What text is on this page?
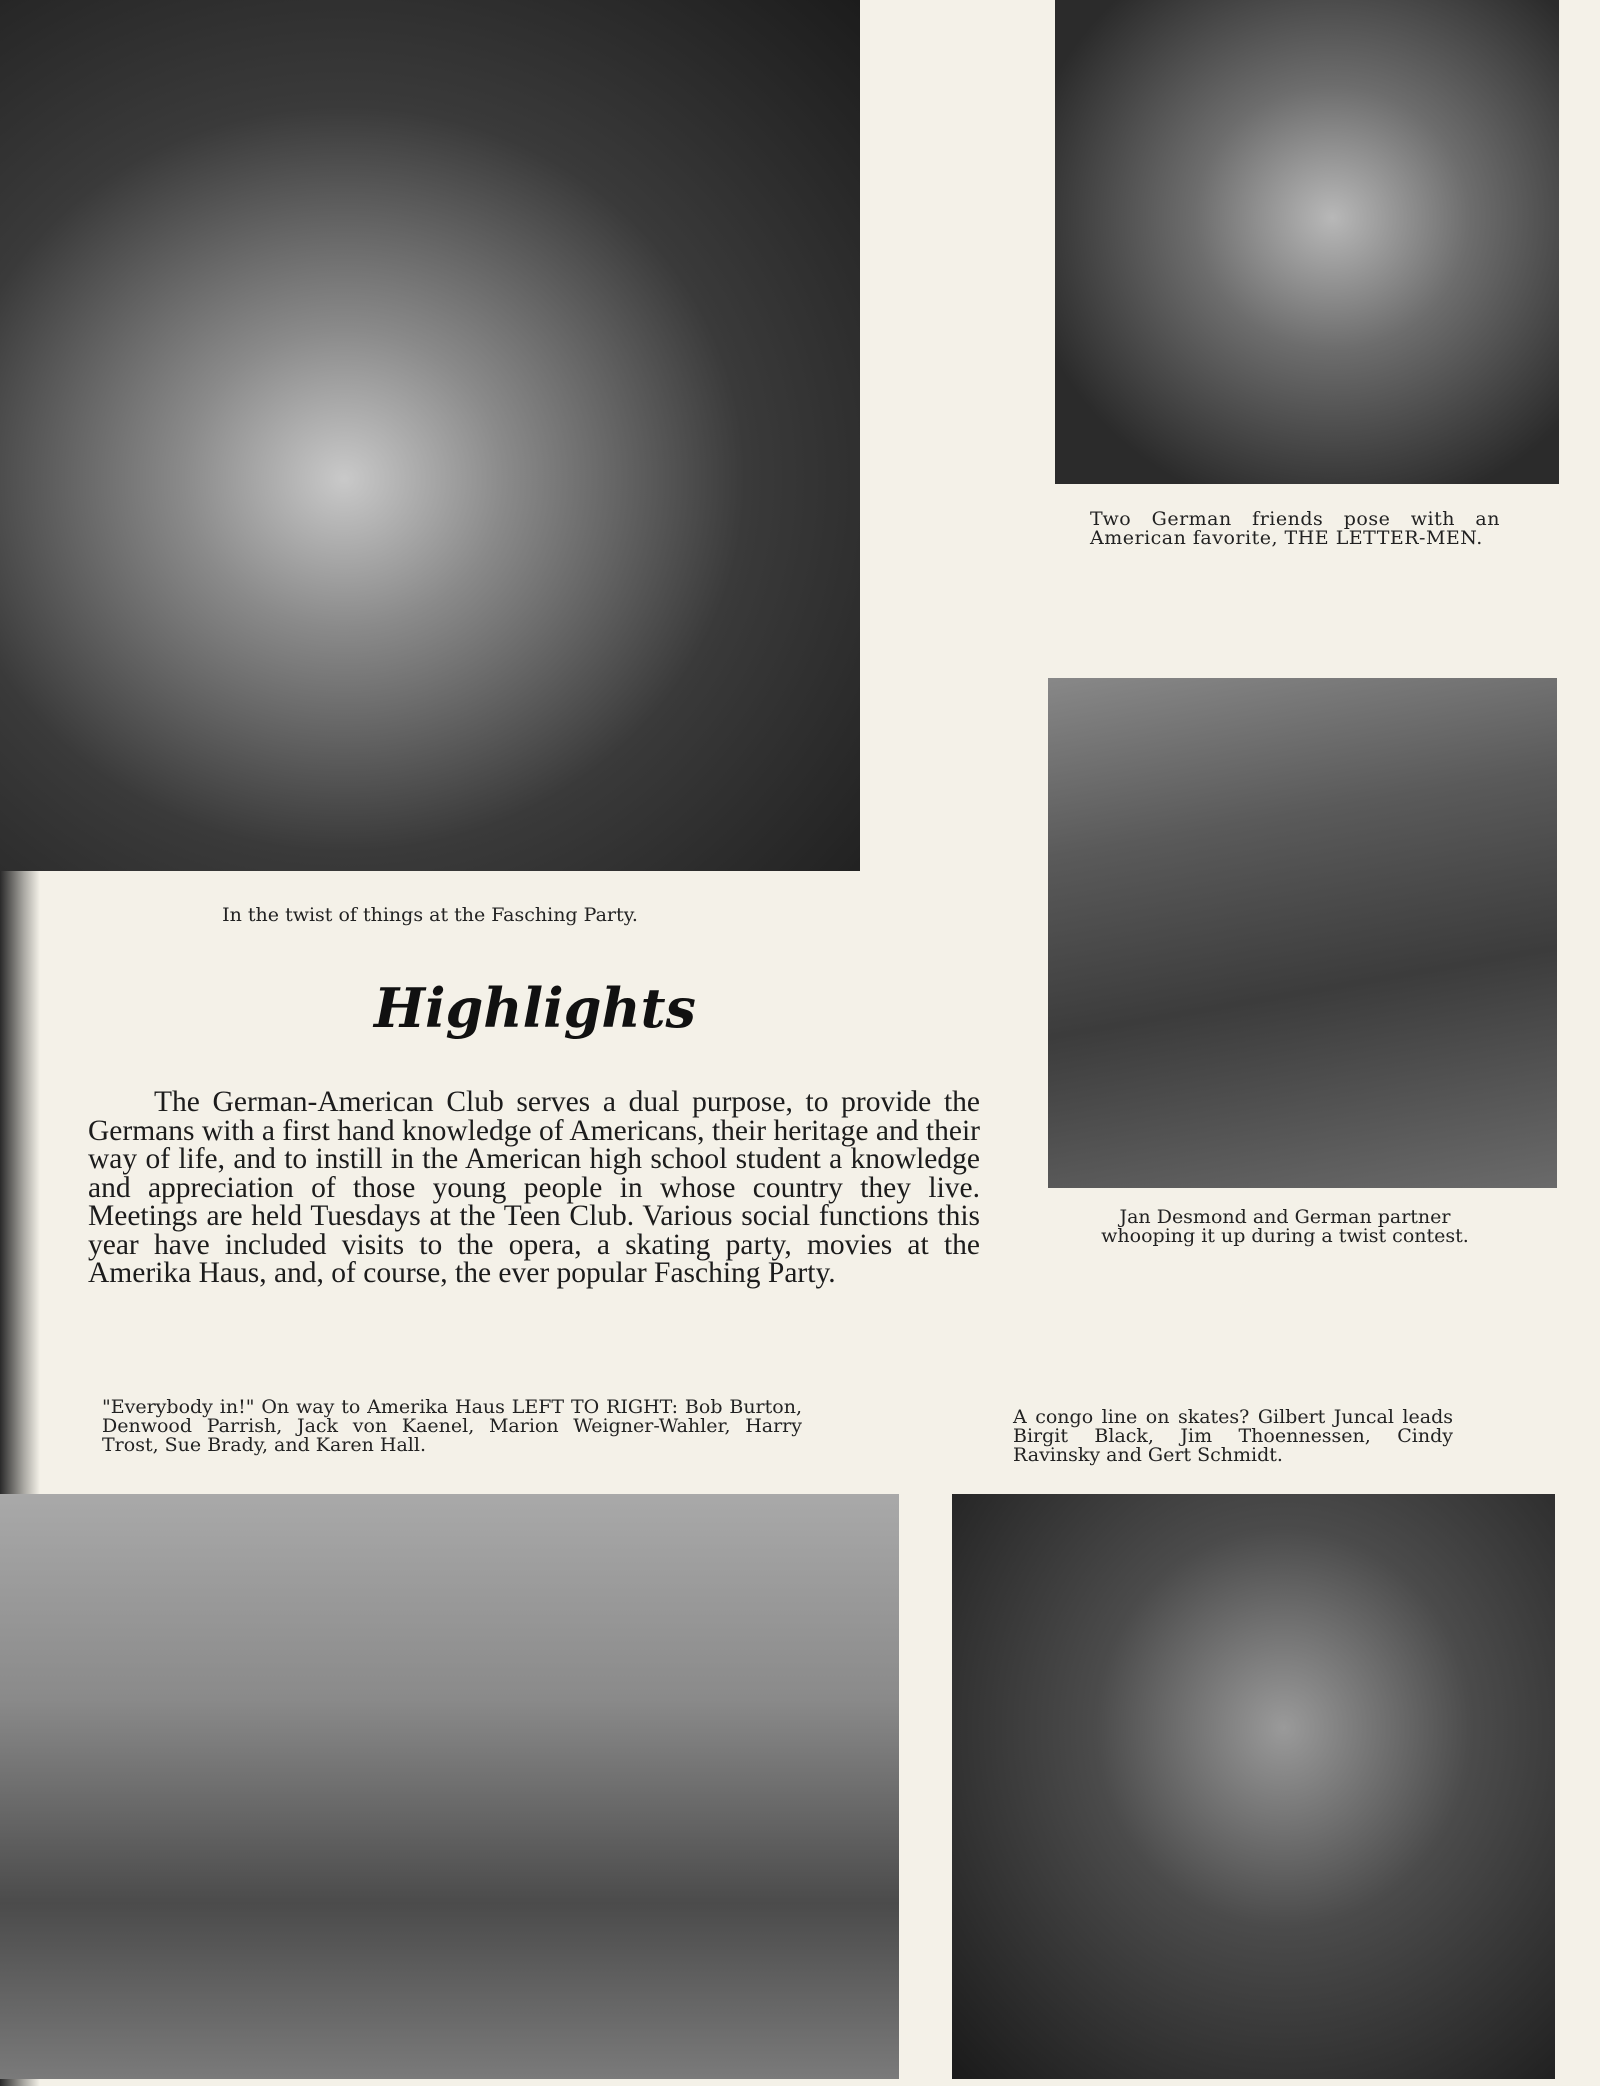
In the twist of things at the Fasching Party.
Two German friends pose with an American favorite, THE LETTER-MEN.
Jan Desmond and German partner whooping it up during a twist contest.
"Everybody in!" On way to Amerika Haus LEFT TO RIGHT: Bob Burton, Denwood Parrish, Jack von Kaenel, Marion Weigner-Wahler, Harry Trost, Sue Brady, and Karen Hall.
A congo line on skates? Gilbert Juncal leads Birgit Black, Jim Thoennessen, Cindy Ravinsky and Gert Schmidt.
Highlights
The German-American Club serves a dual purpose, to provide the Germans with a first hand knowledge of Americans, their heritage and their way of life, and to instill in the American high school student a knowledge and appreciation of those young people in whose country they live. Meetings are held Tuesdays at the Teen Club. Various social functions this year have included visits to the opera, a skating party, movies at the Amerika Haus, and, of course, the ever popular Fasching Party.
